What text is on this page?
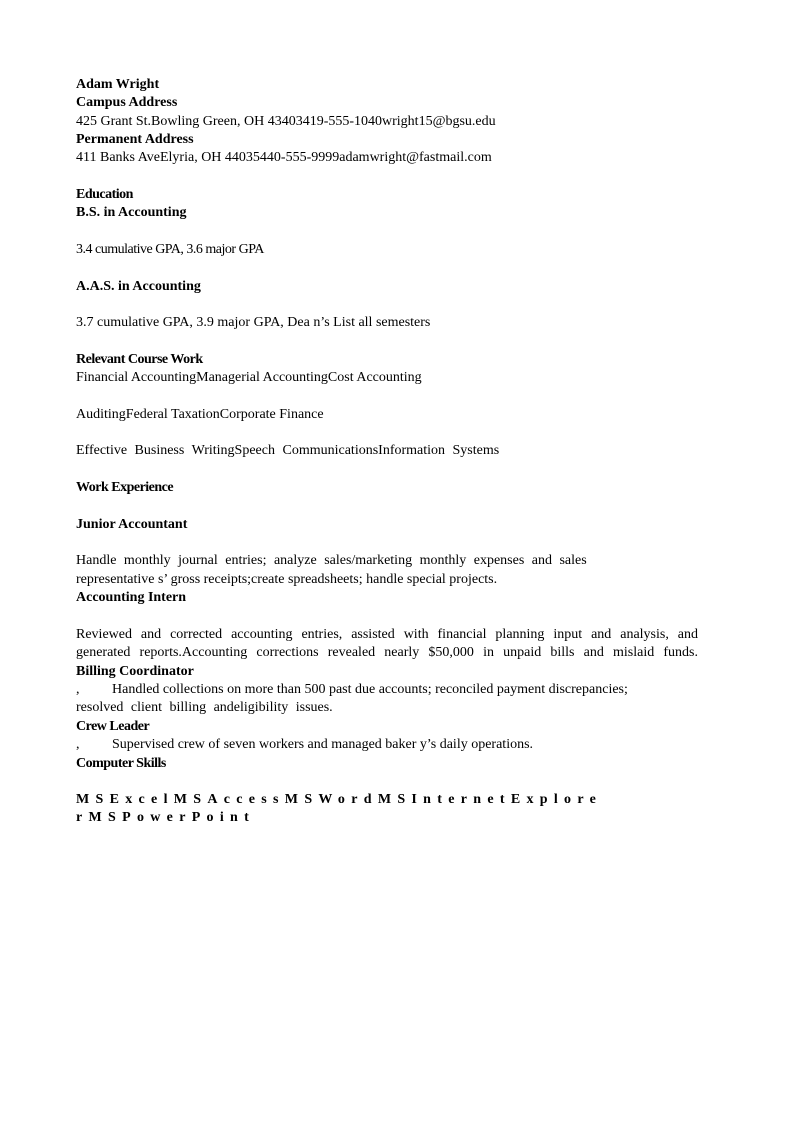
Adam Wright
Campus Address
425 Grant St.Bowling Green, OH 43403419-555-1040wright15@bgsu.edu
Permanent Address
411 Banks AveElyria, OH 44035440-555-9999adamwright@fastmail.com
Education
B.S. in Accounting
3.4 cumulative GPA, 3.6 major GPA
A.A.S. in Accounting
3.7 cumulative GPA, 3.9 major GPA, Dea n’s List all semesters
Relevant Course Work
Financial AccountingManagerial AccountingCost Accounting
AuditingFederal TaxationCorporate Finance
Effective Business WritingSpeech CommunicationsInformation Systems
Work Experience
Junior Accountant
Handle monthly journal entries; analyze sales/marketing monthly expenses and sales
representative s’ gross receipts;create spreadsheets; handle special projects.
Accounting Intern
Reviewed and corrected accounting entries, assisted with financial planning input and analysis, and
generated reports.Accounting corrections revealed nearly $50,000 in unpaid bills and mislaid funds.
Billing Coordinator
, Handled collections on more than 500 past due accounts; reconciled payment discrepancies;
resolved client billing andeligibility issues.
Crew Leader
, Supervised crew of seven workers and managed baker y’s daily operations.
Computer Skills
MSExcelMSAccessMSWordMSInternetExplore
rMSPowerPoint
